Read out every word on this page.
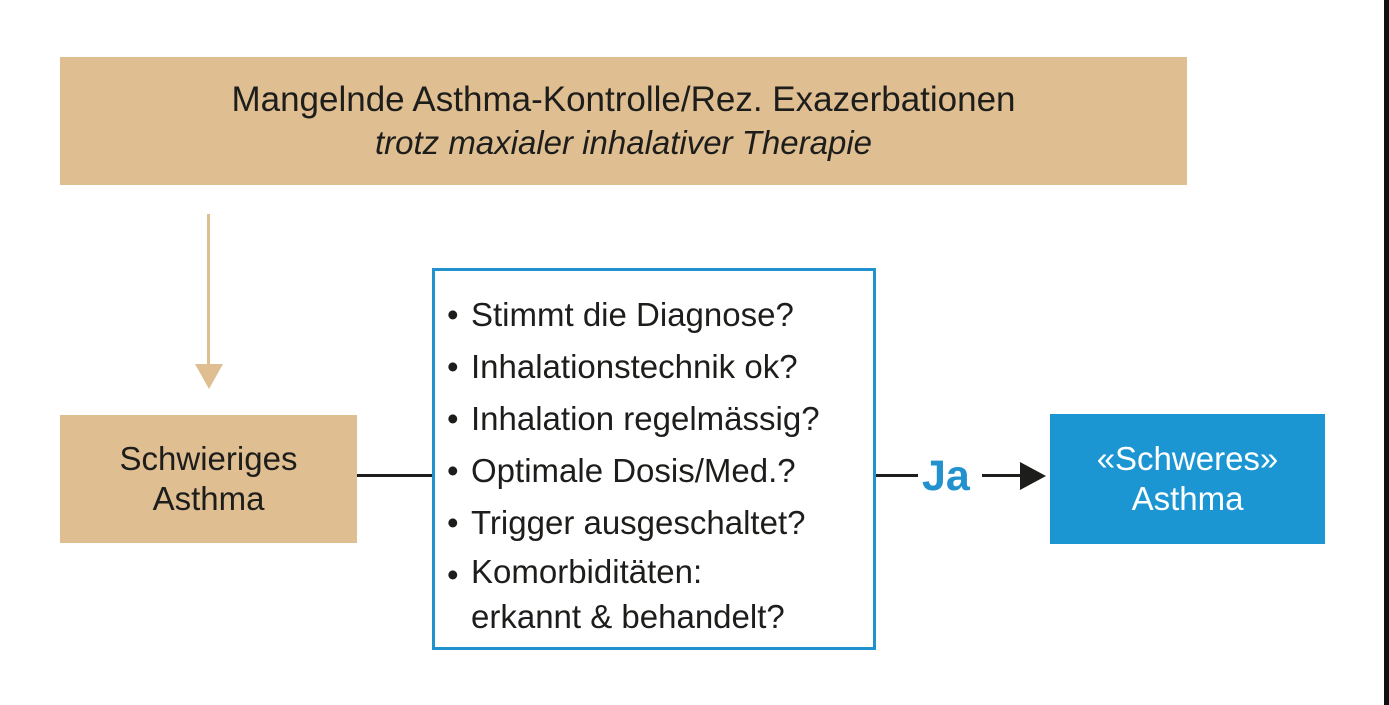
Mangelnde Asthma-Kontrolle/Rez. Exazerbationen
trotz maxialer inhalativer Therapie
Schwieriges
Asthma
• Stimmt die Diagnose?
• Inhalationstechnik ok?
• Inhalation regelmässig?
• Optimale Dosis/Med.?
• Trigger ausgeschaltet?
• Komorbiditäten:
erkannt & behandelt?
Ja	«Schweres»
Asthma
